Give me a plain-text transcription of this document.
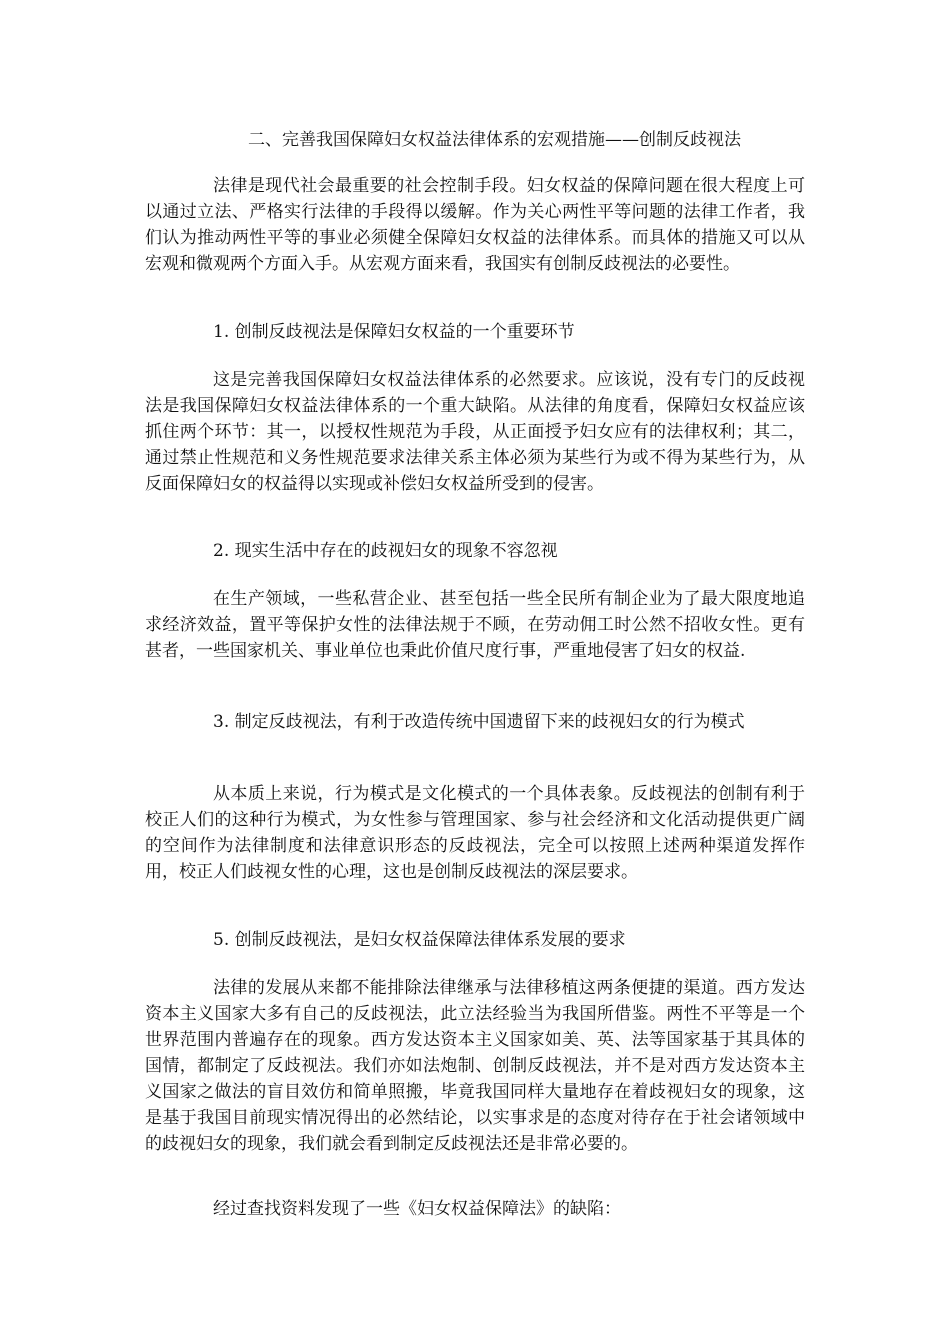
二、完善我国保障妇女权益法律体系的宏观措施——创制反歧视法

法律是现代社会最重要的社会控制手段。妇女权益的保障问题在很大程度上可以通过立法、严格实行法律的手段得以缓解。作为关心两性平等问题的法律工作者，我们认为推动两性平等的事业必须健全保障妇女权益的法律体系。而具体的措施又可以从宏观和微观两个方面入手。从宏观方面来看，我国实有创制反歧视法的必要性。

1. 创制反歧视法是保障妇女权益的一个重要环节

这是完善我国保障妇女权益法律体系的必然要求。应该说，没有专门的反歧视法是我国保障妇女权益法律体系的一个重大缺陷。从法律的角度看，保障妇女权益应该抓住两个环节：其一，以授权性规范为手段，从正面授予妇女应有的法律权利；其二，通过禁止性规范和义务性规范要求法律关系主体必须为某些行为或不得为某些行为，从反面保障妇女的权益得以实现或补偿妇女权益所受到的侵害。

2. 现实生活中存在的歧视妇女的现象不容忽视

在生产领域，一些私营企业、甚至包括一些全民所有制企业为了最大限度地追求经济效益，置平等保护女性的法律法规于不顾，在劳动佣工时公然不招收女性。更有甚者，一些国家机关、事业单位也秉此价值尺度行事，严重地侵害了妇女的权益.

3. 制定反歧视法，有利于改造传统中国遗留下来的歧视妇女的行为模式

从本质上来说，行为模式是文化模式的一个具体表象。反歧视法的创制有利于校正人们的这种行为模式，为女性参与管理国家、参与社会经济和文化活动提供更广阔的空间作为法律制度和法律意识形态的反歧视法，完全可以按照上述两种渠道发挥作用，校正人们歧视女性的心理，这也是创制反歧视法的深层要求。

5. 创制反歧视法，是妇女权益保障法律体系发展的要求

法律的发展从来都不能排除法律继承与法律移植这两条便捷的渠道。西方发达资本主义国家大多有自己的反歧视法，此立法经验当为我国所借鉴。两性不平等是一个世界范围内普遍存在的现象。西方发达资本主义国家如美、英、法等国家基于其具体的国情，都制定了反歧视法。我们亦如法炮制、创制反歧视法，并不是对西方发达资本主义国家之做法的盲目效仿和简单照搬，毕竟我国同样大量地存在着歧视妇女的现象，这是基于我国目前现实情况得出的必然结论，以实事求是的态度对待存在于社会诸领域中的歧视妇女的现象，我们就会看到制定反歧视法还是非常必要的。

经过查找资料发现了一些《妇女权益保障法》的缺陷：
